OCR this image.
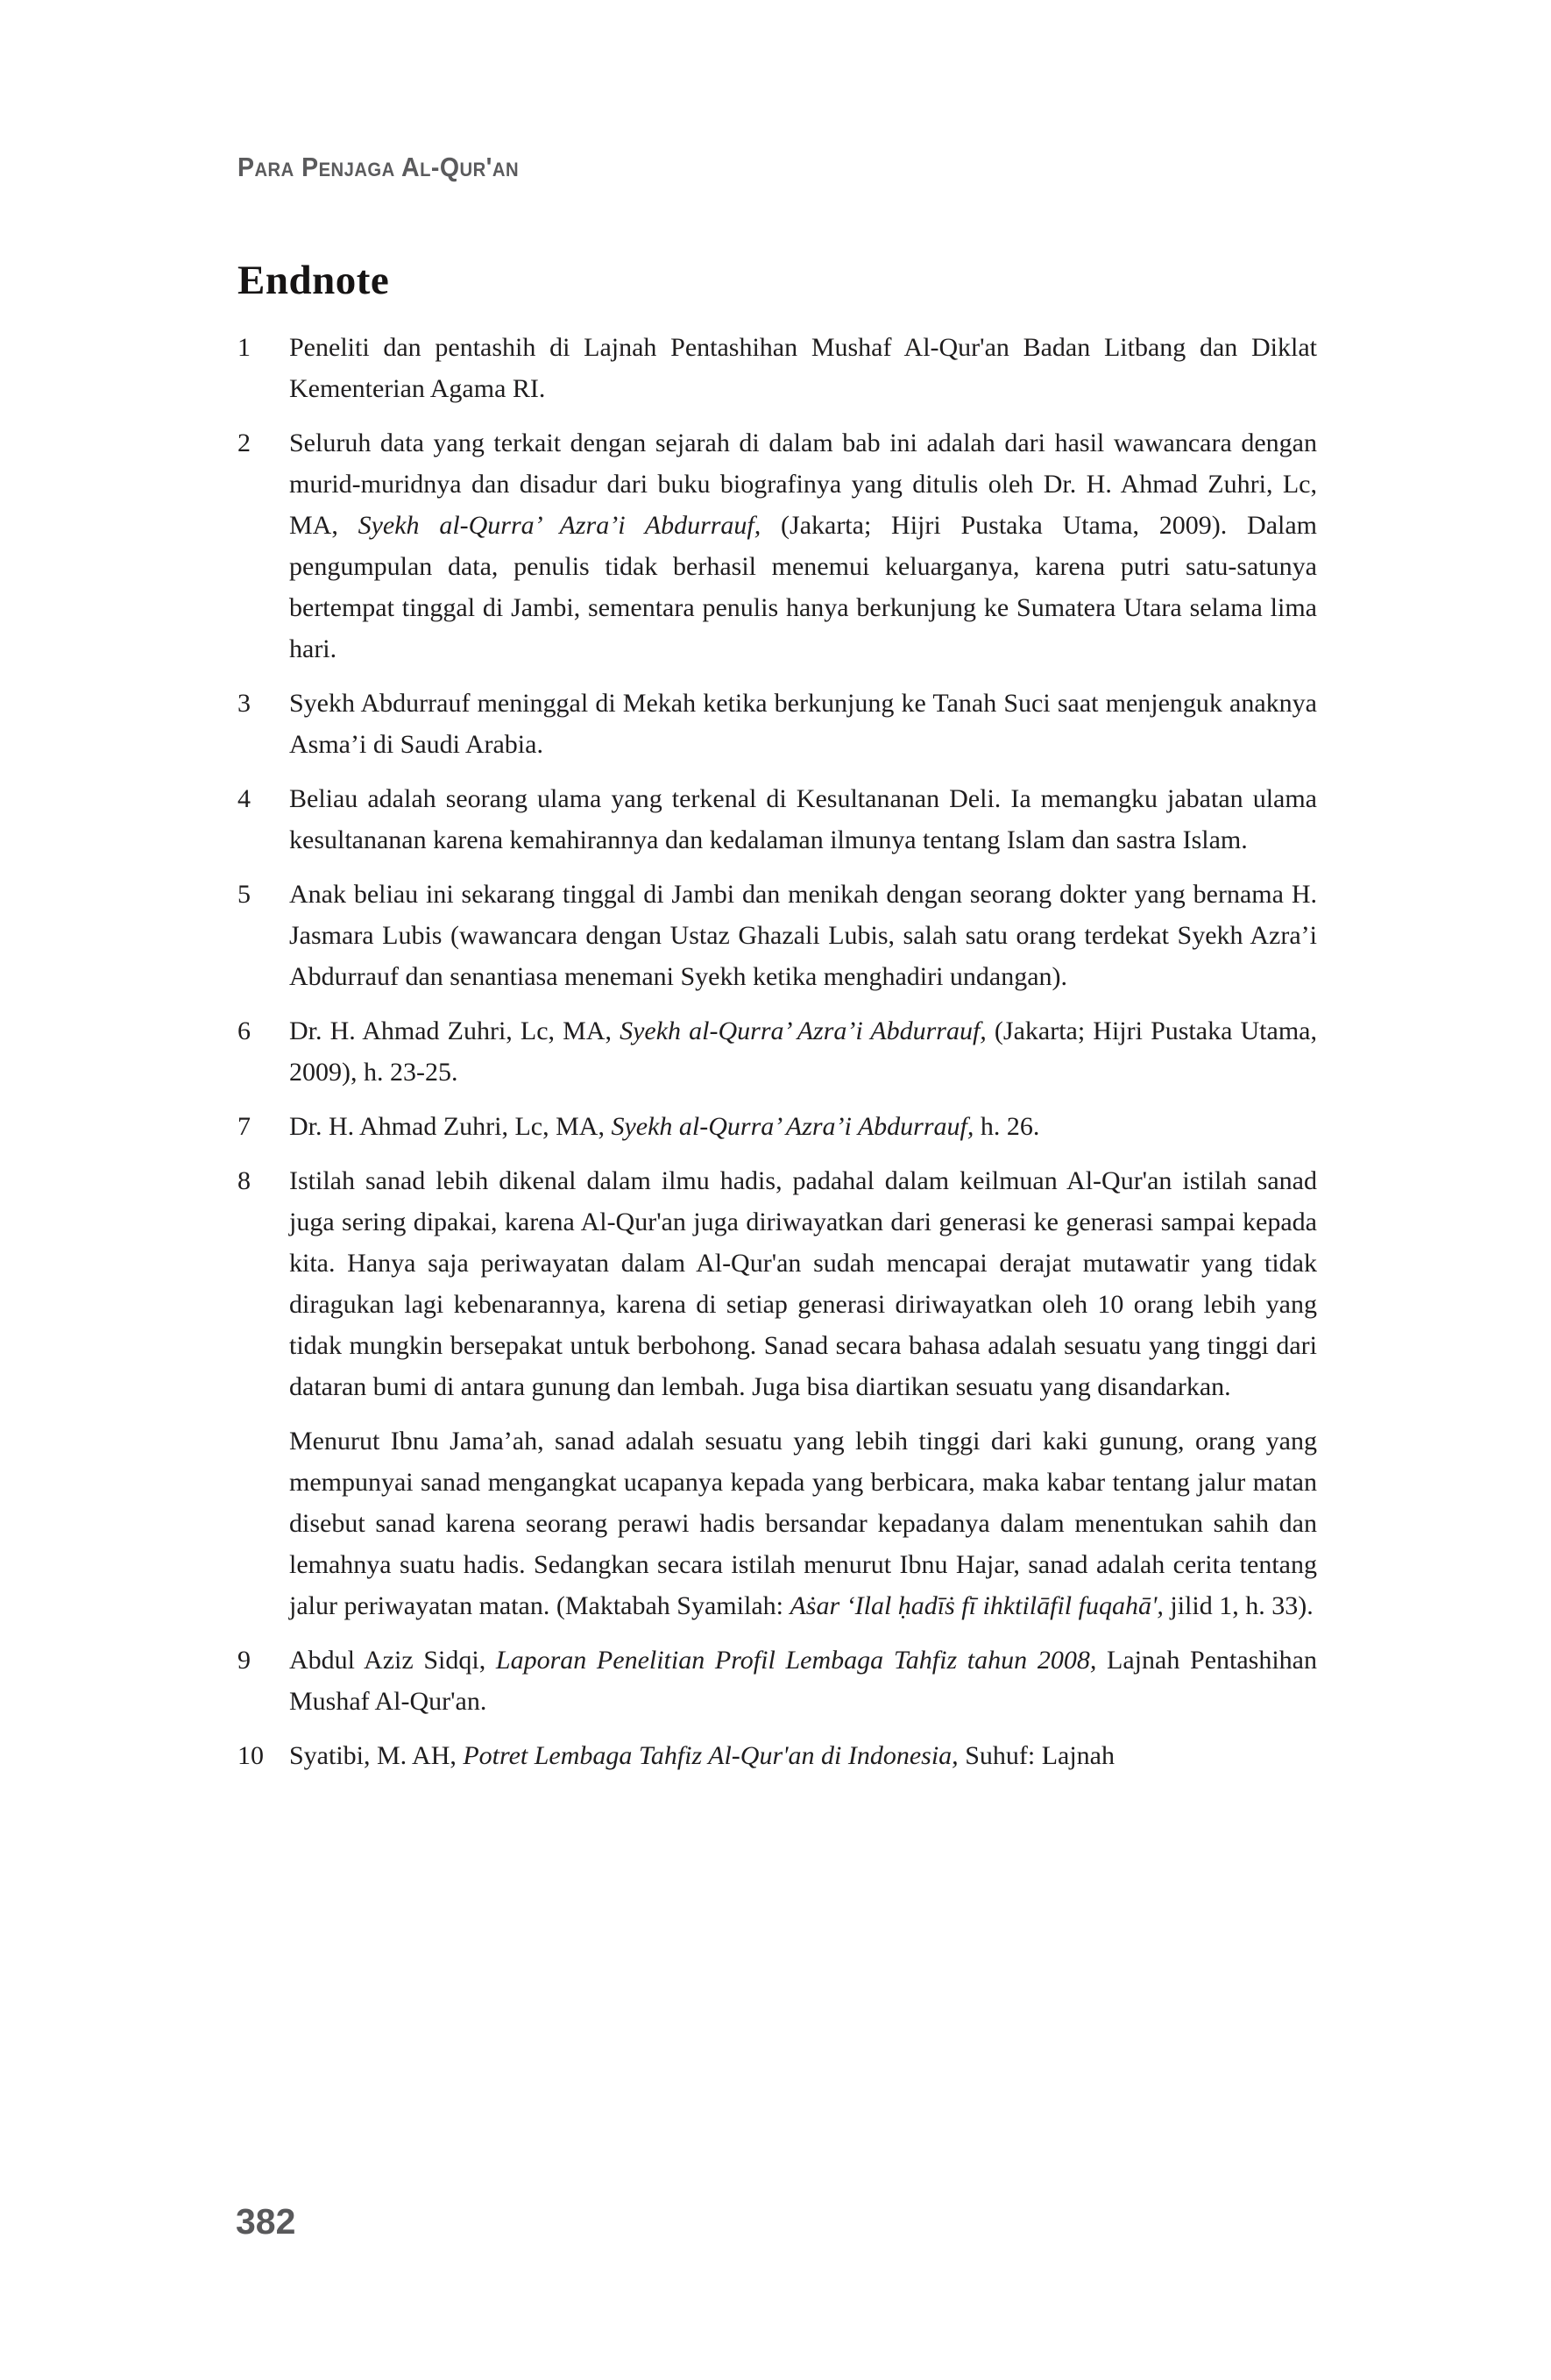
Para Penjaga Al-Qur'an
Endnote
1	Peneliti dan pentashih di Lajnah Pentashihan Mushaf Al-Qur'an Badan Litbang dan Diklat Kementerian Agama RI.
2	Seluruh data yang terkait dengan sejarah di dalam bab ini adalah dari hasil wawancara dengan murid-muridnya dan disadur dari buku biografinya yang ditulis oleh Dr. H. Ahmad Zuhri, Lc, MA, Syekh al-Qurra’ Azra’i Abdurrauf, (Jakarta; Hijri Pustaka Utama, 2009). Dalam pengumpulan data, penulis tidak berhasil menemui keluarganya, karena putri satu-satunya bertempat tinggal di Jambi, sementara penulis hanya berkunjung ke Sumatera Utara selama lima hari.
3	Syekh Abdurrauf meninggal di Mekah ketika berkunjung ke Tanah Suci saat menjenguk anaknya Asma’i di Saudi Arabia.
4	Beliau adalah seorang ulama yang terkenal di Kesultananan Deli. Ia memangku jabatan ulama kesultananan karena kemahirannya dan kedalaman ilmunya tentang Islam dan sastra Islam.
5	Anak beliau ini sekarang tinggal di Jambi dan menikah dengan seorang dokter yang bernama H. Jasmara Lubis (wawancara dengan Ustaz Ghazali Lubis, salah satu orang terdekat Syekh Azra’i Abdurrauf dan senantiasa menemani Syekh ketika menghadiri undangan).
6	Dr. H. Ahmad Zuhri, Lc, MA, Syekh al-Qurra’ Azra’i Abdurrauf, (Jakarta; Hijri Pustaka Utama, 2009), h. 23-25.
7	Dr. H. Ahmad Zuhri, Lc, MA, Syekh al-Qurra’ Azra’i Abdurrauf, h. 26.
8	Istilah sanad lebih dikenal dalam ilmu hadis, padahal dalam keilmuan Al-Qur'an istilah sanad juga sering dipakai, karena Al-Qur'an juga diriwayatkan dari generasi ke generasi sampai kepada kita. Hanya saja periwayatan dalam Al-Qur'an sudah mencapai derajat mutawatir yang tidak diragukan lagi kebenarannya, karena di setiap generasi diriwayatkan oleh 10 orang lebih yang tidak mungkin bersepakat untuk berbohong. Sanad secara bahasa adalah sesuatu yang tinggi dari dataran bumi di antara gunung dan lembah. Juga bisa diartikan sesuatu yang disandarkan.
Menurut Ibnu Jama’ah, sanad adalah sesuatu yang lebih tinggi dari kaki gunung, orang yang mempunyai sanad mengangkat ucapanya kepada yang berbicara, maka kabar tentang jalur matan disebut sanad karena seorang perawi hadis bersandar kepadanya dalam menentukan sahih dan lemahnya suatu hadis. Sedangkan secara istilah menurut Ibnu Hajar, sanad adalah cerita tentang jalur periwayatan matan. (Maktabah Syamilah: Aṡar ‘Ilal ḥadīṡ fī ihktilāfil fuqahā', jilid 1, h. 33).
9	Abdul Aziz Sidqi, Laporan Penelitian Profil Lembaga Tahfiz tahun 2008, Lajnah Pentashihan Mushaf Al-Qur'an.
10 Syatibi, M. AH, Potret Lembaga Tahfiz Al-Qur'an di Indonesia, Suhuf: Lajnah
382
